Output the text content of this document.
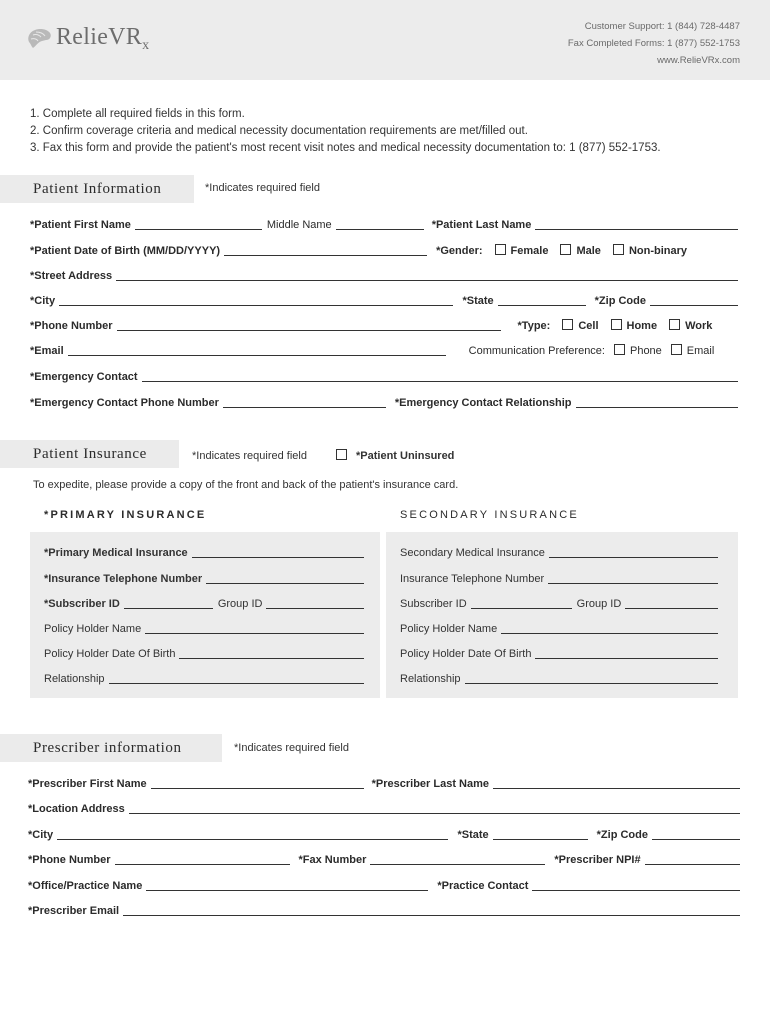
RelieVR$_x$
Customer Support: 1 (844) 728-4487
Fax Completed Forms: 1 (877) 552-1753
www.RelieVRx.com
1. Complete all required fields in this form.
2. Confirm coverage criteria and medical necessity documentation requirements are met/filled out.
3. Fax this form and provide the patient's most recent visit notes and medical necessity documentation to: 1 (877) 552-1753.
Patient Information	*Indicates required field
*Patient First Name	Middle Name	*Patient Last Name
*Patient Date of Birth (MM/DD/YYYY)	*Gender:	Female	Male	Non-binary
*Street Address
*City	*State	*Zip Code
*Phone Number	*Type:	Cell	Home	Work
*Email	Communication Preference: Phone Email
*Emergency Contact
*Emergency Contact Phone Number	*Emergency Contact Relationship
Patient Insurance	*Indicates required field	*Patient Uninsured
To expedite, please provide a copy of the front and back of the patient's insurance card.
*PRIMARY INSURANCE	SECONDARY INSURANCE
*Primary Medical Insurance
*Insurance Telephone Number
*Subscriber ID	Group ID
Policy Holder Name
Policy Holder Date Of Birth
Relationship
Secondary Medical Insurance
Insurance Telephone Number
Subscriber ID	Group ID
Policy Holder Name
Policy Holder Date Of Birth
Relationship
Prescriber information	*Indicates required field
*Prescriber First Name	*Prescriber Last Name
*Location Address
*City	*State	*Zip Code
*Phone Number	*Fax Number	*Prescriber NPI#
*Office/Practice Name	*Practice Contact
*Prescriber Email
